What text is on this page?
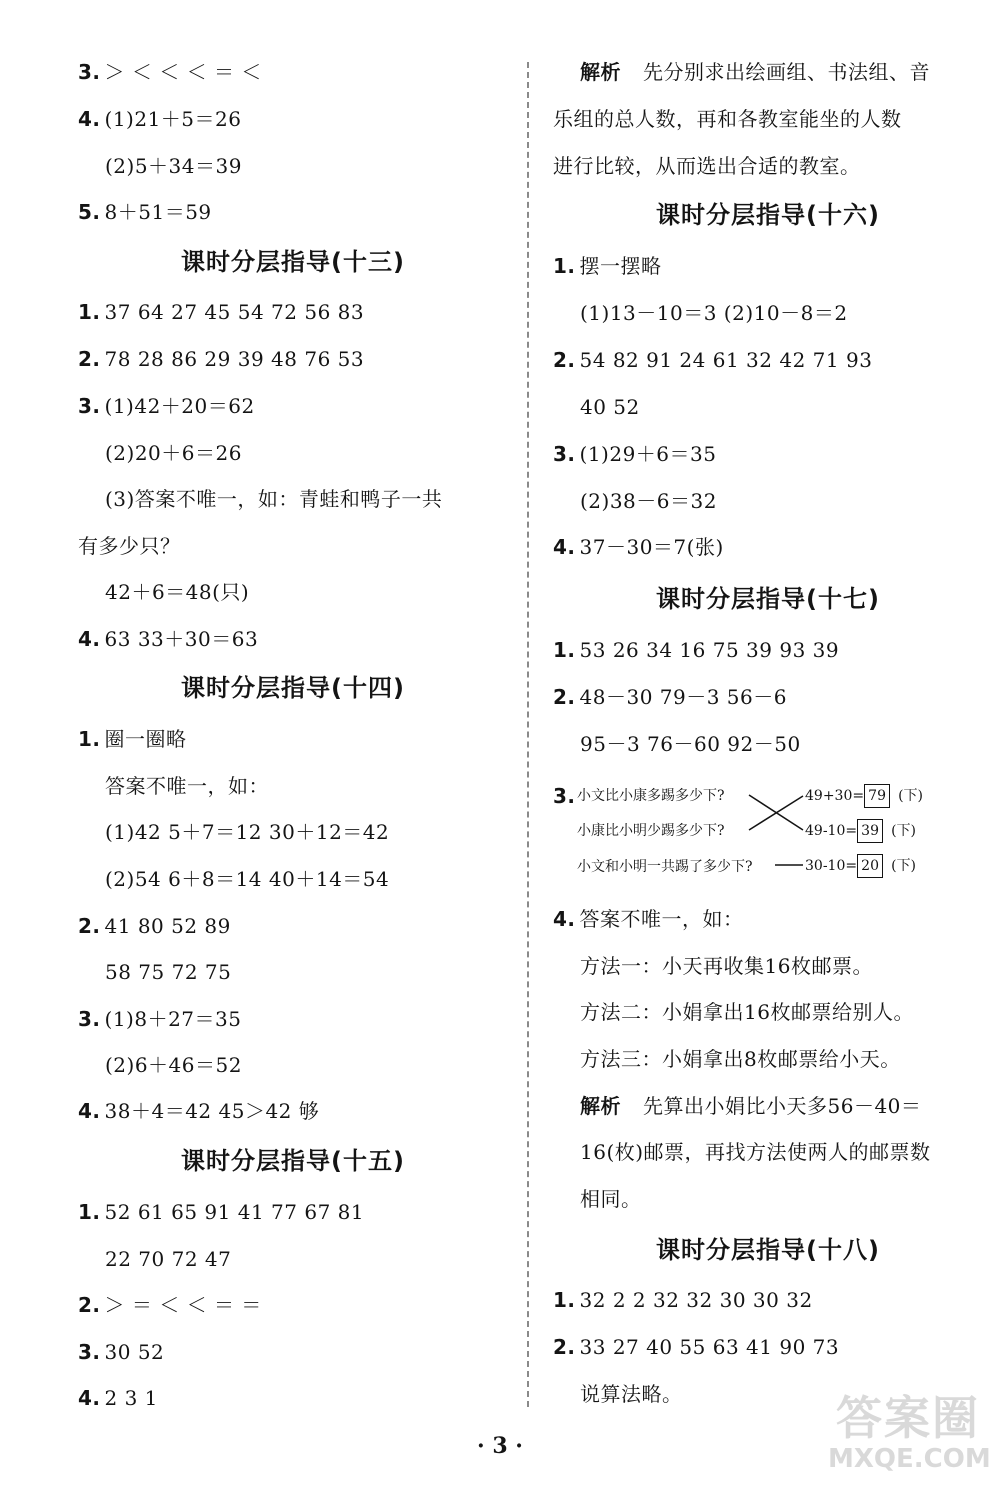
3. ＞ ＜ ＜ ＜ ＝ ＜
4. (1)21＋5＝26
(2)5＋34＝39
5. 8＋51＝59
课时分层指导(十三)
1. 37 64 27 45 54 72 56 83
2. 78 28 86 29 39 48 76 53
3. (1)42＋20＝62
(2)20＋6＝26
(3)答案不唯一，如：青蛙和鸭子一共
有多少只？
42＋6＝48(只)
4. 63 33＋30＝63
课时分层指导(十四)
1. 圈一圈略
答案不唯一，如：
(1)42 5＋7＝12 30＋12＝42
(2)54 6＋8＝14 40＋14＝54
2. 41 80 52 89
58 75 72 75
3. (1)8＋27＝35
(2)6＋46＝52
4. 38＋4＝42 45＞42 够
课时分层指导(十五)
1. 52 61 65 91 41 77 67 81
22 70 72 47
2. ＞ ＝ ＜ ＜ ＝ ＝
3. 30 52
4. 2 3 1
解析 先分别求出绘画组、书法组、音
乐组的总人数，再和各教室能坐的人数
进行比较，从而选出合适的教室。
课时分层指导(十六)
1. 摆一摆略
(1)13－10＝3 (2)10－8＝2
2. 54 82 91 24 61 32 42 71 93
40 52
3. (1)29＋6＝35
(2)38－6＝32
4. 37－30＝7(张)
课时分层指导(十七)
1. 53 26 34 16 75 39 93 39
2. 48－30 79－3 56－6
95－3 76－60 92－50
3. 小文比小康多踢多少下?
小康比小明少踢多少下?
小文和小明一共踢了多少下?
49+30= 79 (下)
49-10= 39 (下)
30-10= 20 (下)
4. 答案不唯一，如：
方法一：小天再收集16枚邮票。
方法二：小娟拿出16枚邮票给别人。
方法三：小娟拿出8枚邮票给小天。
解析 先算出小娟比小天多56－40＝
16(枚)邮票，再找方法使两人的邮票数
相同。
课时分层指导(十八)
1. 32 2 2 32 32 30 30 32
2. 33 27 40 55 63 41 90 73
说算法略。
· 3 ·
答案圈
MXQE.COM
